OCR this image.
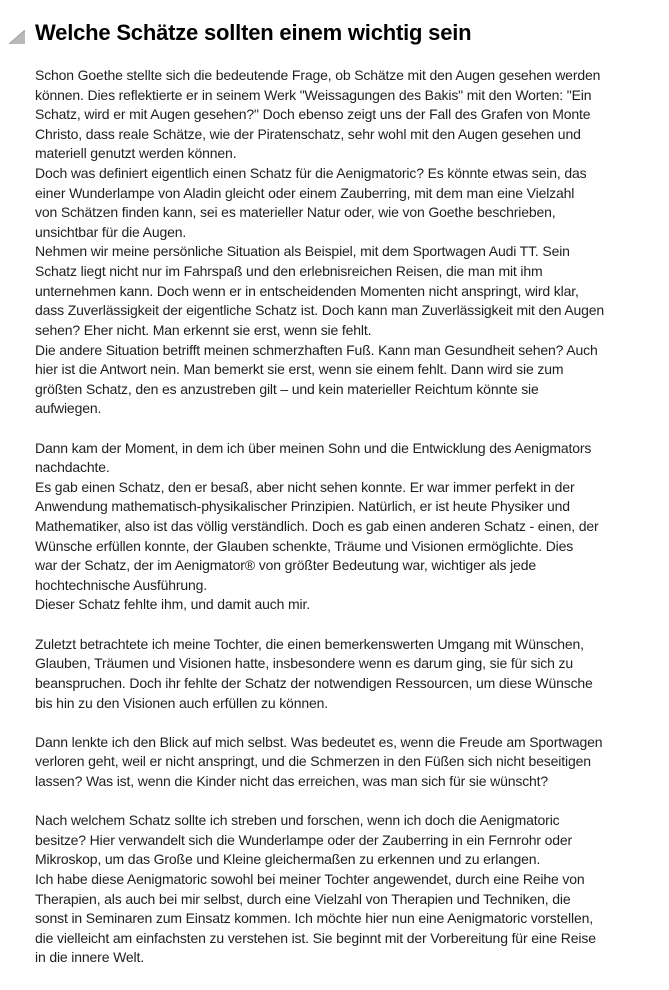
Welche Schätze sollten einem wichtig sein
Schon Goethe stellte sich die bedeutende Frage, ob Schätze mit den Augen gesehen werden
können. Dies reflektierte er in seinem Werk "Weissagungen des Bakis" mit den Worten: "Ein
Schatz, wird er mit Augen gesehen?" Doch ebenso zeigt uns der Fall des Grafen von Monte
Christo, dass reale Schätze, wie der Piratenschatz, sehr wohl mit den Augen gesehen und
materiell genutzt werden können.
Doch was definiert eigentlich einen Schatz für die Aenigmatoric? Es könnte etwas sein, das
einer Wunderlampe von Aladin gleicht oder einem Zauberring, mit dem man eine Vielzahl
von Schätzen finden kann, sei es materieller Natur oder, wie von Goethe beschrieben,
unsichtbar für die Augen.
Nehmen wir meine persönliche Situation als Beispiel, mit dem Sportwagen Audi TT. Sein
Schatz liegt nicht nur im Fahrspaß und den erlebnisreichen Reisen, die man mit ihm
unternehmen kann. Doch wenn er in entscheidenden Momenten nicht anspringt, wird klar,
dass Zuverlässigkeit der eigentliche Schatz ist. Doch kann man Zuverlässigkeit mit den Augen
sehen? Eher nicht. Man erkennt sie erst, wenn sie fehlt.
Die andere Situation betrifft meinen schmerzhaften Fuß. Kann man Gesundheit sehen? Auch
hier ist die Antwort nein. Man bemerkt sie erst, wenn sie einem fehlt. Dann wird sie zum
größten Schatz, den es anzustreben gilt – und kein materieller Reichtum könnte sie
aufwiegen.

Dann kam der Moment, in dem ich über meinen Sohn und die Entwicklung des Aenigmators
nachdachte.
Es gab einen Schatz, den er besaß, aber nicht sehen konnte. Er war immer perfekt in der
Anwendung mathematisch-physikalischer Prinzipien. Natürlich, er ist heute Physiker und
Mathematiker, also ist das völlig verständlich. Doch es gab einen anderen Schatz - einen, der
Wünsche erfüllen konnte, der Glauben schenkte, Träume und Visionen ermöglichte. Dies
war der Schatz, der im Aenigmator® von größter Bedeutung war, wichtiger als jede
hochtechnische Ausführung.
Dieser Schatz fehlte ihm, und damit auch mir.

Zuletzt betrachtete ich meine Tochter, die einen bemerkenswerten Umgang mit Wünschen,
Glauben, Träumen und Visionen hatte, insbesondere wenn es darum ging, sie für sich zu
beanspruchen. Doch ihr fehlte der Schatz der notwendigen Ressourcen, um diese Wünsche
bis hin zu den Visionen auch erfüllen zu können.

Dann lenkte ich den Blick auf mich selbst. Was bedeutet es, wenn die Freude am Sportwagen
verloren geht, weil er nicht anspringt, und die Schmerzen in den Füßen sich nicht beseitigen
lassen? Was ist, wenn die Kinder nicht das erreichen, was man sich für sie wünscht?

Nach welchem Schatz sollte ich streben und forschen, wenn ich doch die Aenigmatoric
besitze? Hier verwandelt sich die Wunderlampe oder der Zauberring in ein Fernrohr oder
Mikroskop, um das Große und Kleine gleichermaßen zu erkennen und zu erlangen.
Ich habe diese Aenigmatoric sowohl bei meiner Tochter angewendet, durch eine Reihe von
Therapien, als auch bei mir selbst, durch eine Vielzahl von Therapien und Techniken, die
sonst in Seminaren zum Einsatz kommen. Ich möchte hier nun eine Aenigmatoric vorstellen,
die vielleicht am einfachsten zu verstehen ist. Sie beginnt mit der Vorbereitung für eine Reise
in die innere Welt.
